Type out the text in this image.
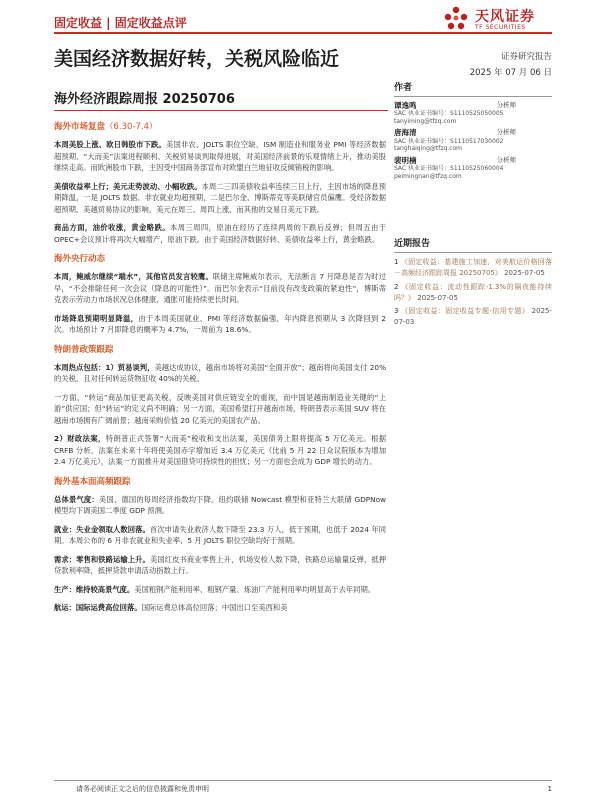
固定收益 | 固定收益点评	天风证券
TF SECURITIES
美国经济数据好转，关税风险临近	证券研究报告
2025 年 07 月 06 日
海外经济跟踪周报 20250706
作者
谭逸鸣	分析师
SAC 执业证书编号：S1110525050005
tanyiming@tfzq.com
唐海清	分析师
SAC 执业证书编号：S1110517030002
tanghaiqing@tfzq.com
裴明楠	分析师
SAC 执业证书编号：S1110525060004
peimingnan@tfzq.com
近期报告
1 《固定收益：基建施工加速，对美航运价格回落－高频经济跟踪周报 20250705》 2025-07-05
2 《固定收益：流动性跟踪-1.3%的隔夜能持续吗？》 2025-07-05
3 《固定收益：固定收益专题-信用专题》 2025-07-03
海外市场复盘（6.30-7.4）
本周美股上涨、欧日韩股市下跌。美国非农、JOLTS 职位空缺、ISM 制造业和服务业 PMI 等经济数据超预期、“大而美”法案进程顺利、关税贸易谈判取得进展，对美国经济前景的乐观情绪上升，推动美股继续走高。而欧洲股市下跌，主因受中国商务部宣布对欧盟白兰地征收反倾销税的影响。
美债收益率上行；美元走势波动、小幅收跌。本周二三四美债收益率连续三日上行，主因市场的降息预期降温，一是 JOLTS 数据、非农就业均超预期，二是巴尔金、博斯蒂克等美联储官员偏鹰。受经济数据超预期、美越贸易协议的影响，美元在周三、周四上涨，而其他的交易日美元下跌。
商品方面，油价收涨，黄金略跌。本周三周四，原油在经历了连续两周的下跌后反弹；但周五由于 OPEC+会议预计将再次大幅增产，原油下跌。由于美国经济数据好转、美债收益率上行，黄金略跌。
海外央行动态
本周，鲍威尔继续“端水”，其他官员发言较鹰。联储主席鲍威尔表示，无法断言 7 月降息是否为时过早，“不会排除任何一次会议（降息的可能性）”。而巴尔金表示“目前没有改变政策的紧迫性”，博斯蒂克表示劳动力市场状况总体健康、通胀可能持续更长时间。
市场降息预期明显降温，由于本周美国就业、PMI 等经济数据偏强，年内降息预期从 3 次降回到 2 次。市场预计 7 月即降息的概率为 4.7%，一周前为 18.6%。
特朗普政策跟踪
本周热点包括：1）贸易谈判，美越达成协议，越南市场将对美国“全面开放”；越南将向美国支付 20%的关税，且对任何转运货物征收 40%的关税。
一方面，“转运”商品加征更高关税，反映美国对供应链安全的重视，而中国是越南制造业关键的“上游”供应国；但“转运”的定义尚不明确；另一方面，美国希望打开越南市场，特朗普表示美国 SUV 将在越南市场拥有广阔前景；越南采购价值 20 亿美元的美国农产品。
2）财政法案，特朗普正式签署“大而美”税收和支出法案，美国债务上限将提高 5 万亿美元。根据 CRFB 分析，法案在未来十年将使美国赤字增加近 3.4 万亿美元（比前 5 月 22 日众议院版本为增加 2.4 万亿美元），法案一方面推升对美国借贷可持续性的担忧；另一方面也会成为 GDP 增长的动力。
海外基本面高频跟踪
总体景气度：美国、德国的每周经济指数均下降。纽约联储 Nowcast 模型和亚特兰大联储 GDPNow 模型均下调美国二季度 GDP 预测。
就业：失业金领取人数回落。首次申请失业救济人数下降至 23.3 万人，低于预期，也低于 2024 年同期。本周公布的 6 月非农就业和失业率、5 月 JOLTS 职位空缺均好于预期。
需求：零售和铁路运输上升。美国红皮书商业零售上升，机场安检人数下降，铁路总运输量反弹，抵押贷款利率降，抵押贷款申请活动指数上行。
生产：维持较高景气度。美国粗钢产能利用率、粗钢产量、炼油厂产能利用率均明显高于去年同期。
航运：国际运费高位回落。国际运费总体高位回落；中国出口至美西和美
请务必阅读正文之后的信息披露和免责申明	1
